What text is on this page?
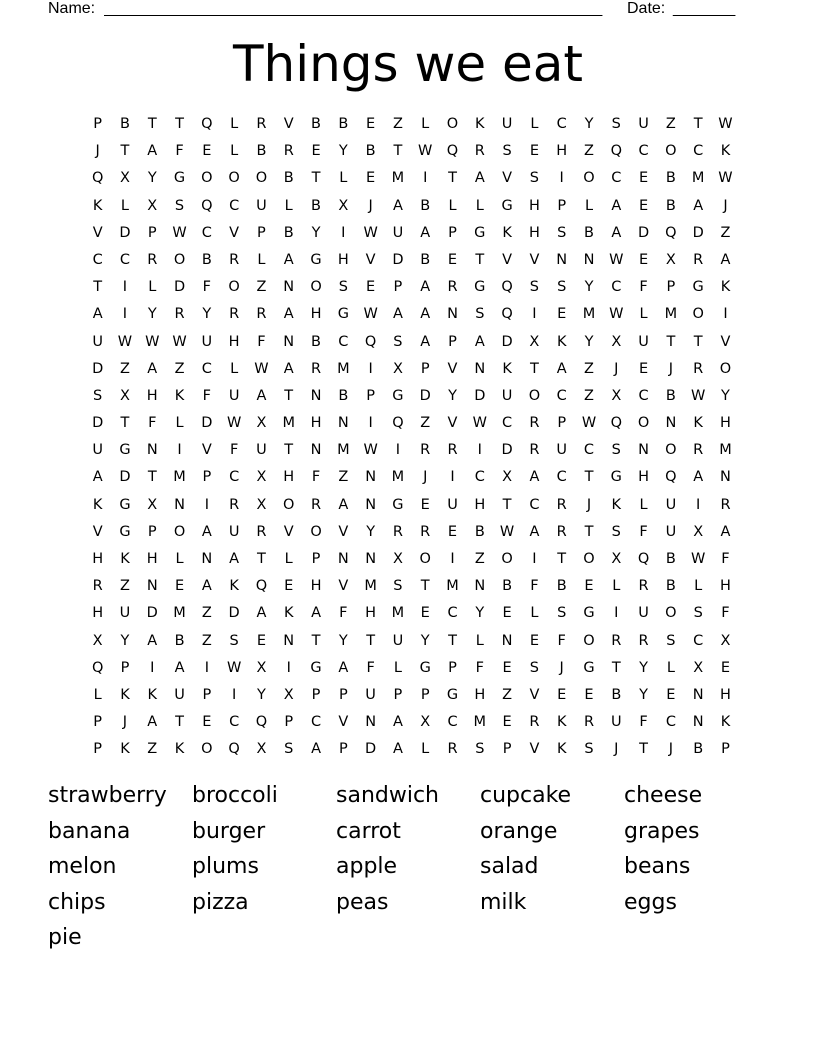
Name: ________________________________________________________	Date: _______
Things we eat
P	B	T	T	Q	L	R	V	B	B	E	Z	L	O	K	U	L	C	Y	S	U	Z	T	W
J	T	A	F	E	L	B	R	E	Y	B	T	W Q	R	S	E	H	Z	Q	C	O	C	K
Q	X	Y	G	O	O	O	B	T	L	E	M	I	T	A	V	S	I	O	C	E	B	M W
K	L	X	S	Q	C	U	L	B	X	J	A	B	L	L	G	H	P	L	A	E	B	A	J
V	D	P	W	C	V	P	B	Y	I	W	U	A	P	G	K	H	S	B	A	D	Q	D	Z
C	C	R	O	B	R	L	A	G	H	V	D	B	E	T	V	V	N	N	W	E	X	R	A
T	I	L	D	F	O	Z	N	O	S	E	P	A	R	G	Q	S	S	Y	C	F	P	G	K
A	I	Y	R	Y	R	R	A	H	G	W	A	A	N	S	Q	I	E	M W	L	M	O	I
U	W W W	U	H	F	N	B	C	Q	S	A	P	A	D	X	K	Y	X	U	T	T	V
D	Z	A	Z	C	L	W	A	R	M	I	X	P	V	N	K	T	A	Z	J	E	J	R	O
S	X	H	K	F	U	A	T	N	B	P	G	D	Y	D	U	O	C	Z	X	C	B	W	Y
D	T	F	L	D	W	X	M	H	N	I	Q	Z	V	W	C	R	P	W Q	O	N	K	H
U	G	N	I	V	F	U	T	N	M W	I	R	R	I	D	R	U	C	S	N	O	R	M
A	D	T	M	P	C	X	H	F	Z	N	M	J	I	C	X	A	C	T	G	H	Q	A	N
K	G	X	N	I	R	X	O	R	A	N	G	E	U	H	T	C	R	J	K	L	U	I	R
V	G	P	O	A	U	R	V	O	V	Y	R	R	E	B	W	A	R	T	S	F	U	X	A
H	K	H	L	N	A	T	L	P	N	N	X	O	I	Z	O	I	T	O	X	Q	B	W	F
R	Z	N	E	A	K	Q	E	H	V	M	S	T	M	N	B	F	B	E	L	R	B	L	H
H	U	D	M	Z	D	A	K	A	F	H	M	E	C	Y	E	L	S	G	I	U	O	S	F
X	Y	A	B	Z	S	E	N	T	Y	T	U	Y	T	L	N	E	F	O	R	R	S	C	X
Q	P	I	A	I	W	X	I	G	A	F	L	G	P	F	E	S	J	G	T	Y	L	X	E
L	K	K	U	P	I	Y	X	P	P	U	P	P	G	H	Z	V	E	E	B	Y	E	N	H
P	J	A	T	E	C	Q	P	C	V	N	A	X	C	M	E	R	K	R	U	F	C	N	K
P	K	Z	K	O	Q	X	S	A	P	D	A	L	R	S	P	V	K	S	J	T	J	B	P
strawberry	broccoli	sandwich	cupcake	cheese
banana	burger	carrot	orange	grapes
melon	plums	apple	salad	beans
chips	pizza	peas	milk	eggs
pie
